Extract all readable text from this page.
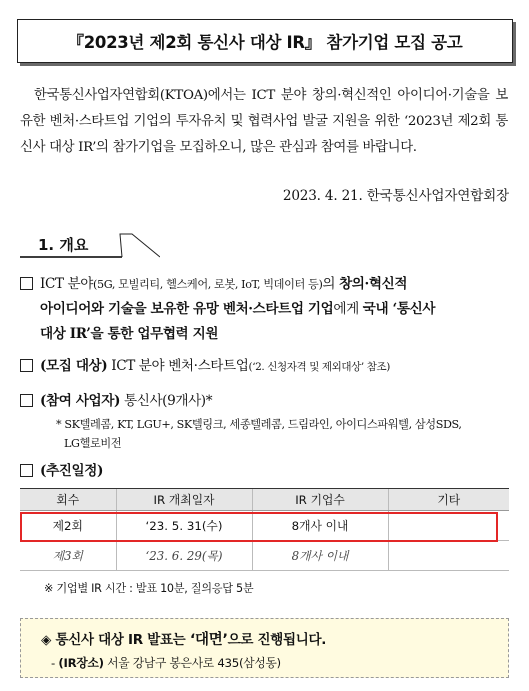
『2023년 제2회 통신사 대상 IR』 참가기업 모집 공고

한국통신사업자연합회(KTOA)에서는 ICT 분야 창의·혁신적인 아이디어·기술을 보유한 벤처·스타트업 기업의 투자유치 및 협력사업 발굴 지원을 위한 ‘2023년 제2회 통신사 대상 IR’의 참가기업을 모집하오니, 많은 관심과 참여를 바랍니다.

2023. 4. 21. 한국통신사업자연합회장
1. 개요
ICT 분야(5G, 모빌리티, 헬스케어, 로봇, IoT, 빅데이터 등)의 창의·혁신적
아이디어와 기술을 보유한 유망 벤처·스타트업 기업에게 국내 ‘통신사
대상 IR’을 통한 업무협력 지원
(모집 대상) ICT 분야 벤처·스타트업(‘2. 신청자격 및 제외대상’ 참조)
(참여 사업자) 통신사(9개사)*
* SK텔레콤, KT, LGU+, SK텔링크, 세종텔레콤, 드림라인, 아이디스파워텔, 삼성SDS,
LG헬로비전
(추진일정)
회수	IR 개최일자	IR 기업수	기타
제2회	‘23. 5. 31(수)	8개사 이내	
제3회	‘23. 6. 29(목)	8개사 이내	
※ 기업별 IR 시간 : 발표 10분, 질의응답 5분
◈ 통신사 대상 IR 발표는 ‘대면’으로 진행됩니다.
- (IR장소) 서울 강남구 봉은사로 435(삼성동)
